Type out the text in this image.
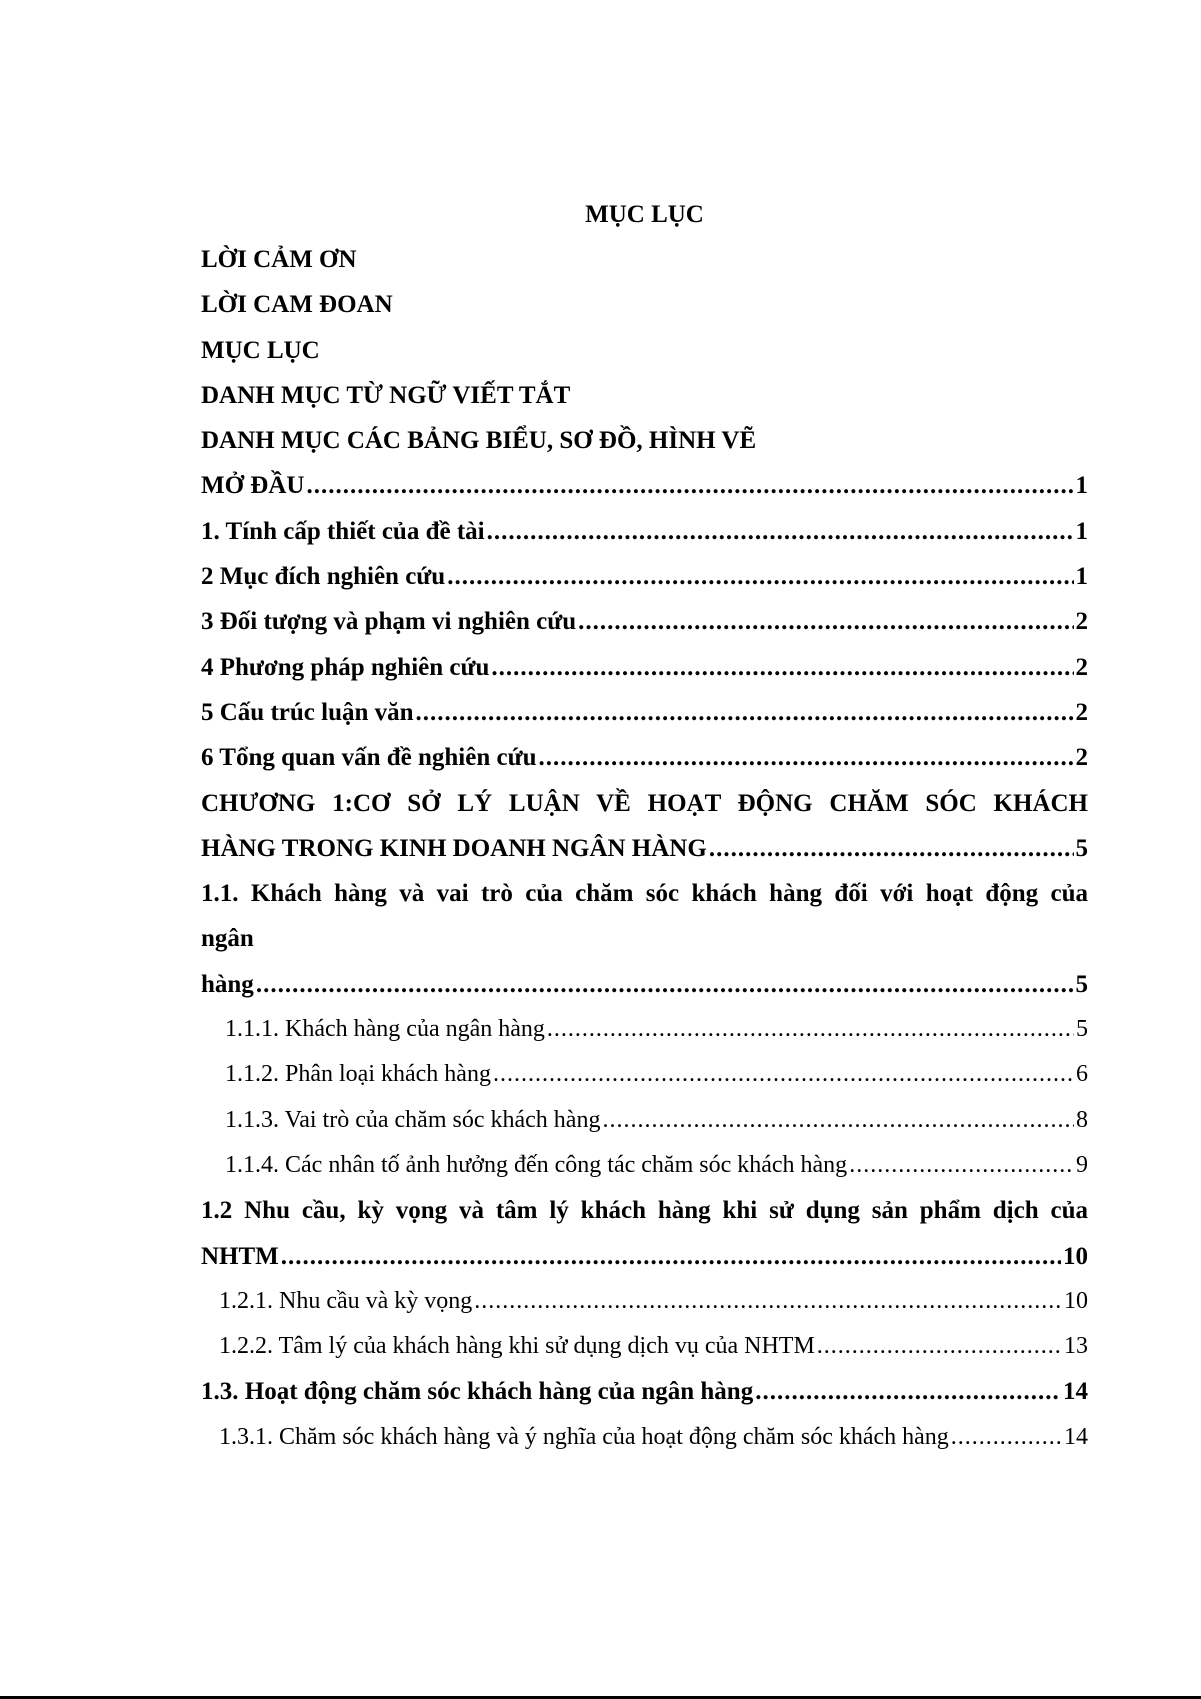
MỤC LỤC
LỜI CẢM ƠN
LỜI CAM ĐOAN
MỤC LỤC
DANH MỤC TỪ NGỮ VIẾT TẮT
DANH MỤC CÁC BẢNG BIỂU, SƠ ĐỒ, HÌNH VẼ
MỞ ĐẦU .....	1
1. Tính cấp thiết của đề tài .....	1
2 Mục đích nghiên cứu .....	1
3 Đối tượng và phạm vi nghiên cứu .....	2
4 Phương pháp nghiên cứu .....	2
5 Cấu trúc luận văn .....	2
6 Tổng quan vấn đề nghiên cứu .....	2
CHƯƠNG 1:CƠ SỞ LÝ LUẬN VỀ HOẠT ĐỘNG CHĂM SÓC KHÁCH
HÀNG TRONG KINH DOANH NGÂN HÀNG .....	5
1.1. Khách hàng và vai trò của chăm sóc khách hàng đối với hoạt động của
ngân
hàng .....	5
1.1.1. Khách hàng của ngân hàng .....	5
1.1.2. Phân loại khách hàng .....	6
1.1.3. Vai trò của chăm sóc khách hàng .....	8
1.1.4. Các nhân tố ảnh hưởng đến công tác chăm sóc khách hàng .....	9
1.2 Nhu cầu, kỳ vọng và tâm lý khách hàng khi sử dụng sản phẩm dịch của
NHTM .....	10
1.2.1. Nhu cầu và kỳ vọng .....	10
1.2.2. Tâm lý của khách hàng khi sử dụng dịch vụ của NHTM .....	13
1.3. Hoạt động chăm sóc khách hàng của ngân hàng .....	14
1.3.1. Chăm sóc khách hàng và ý nghĩa của hoạt động chăm sóc khách hàng .....	14
